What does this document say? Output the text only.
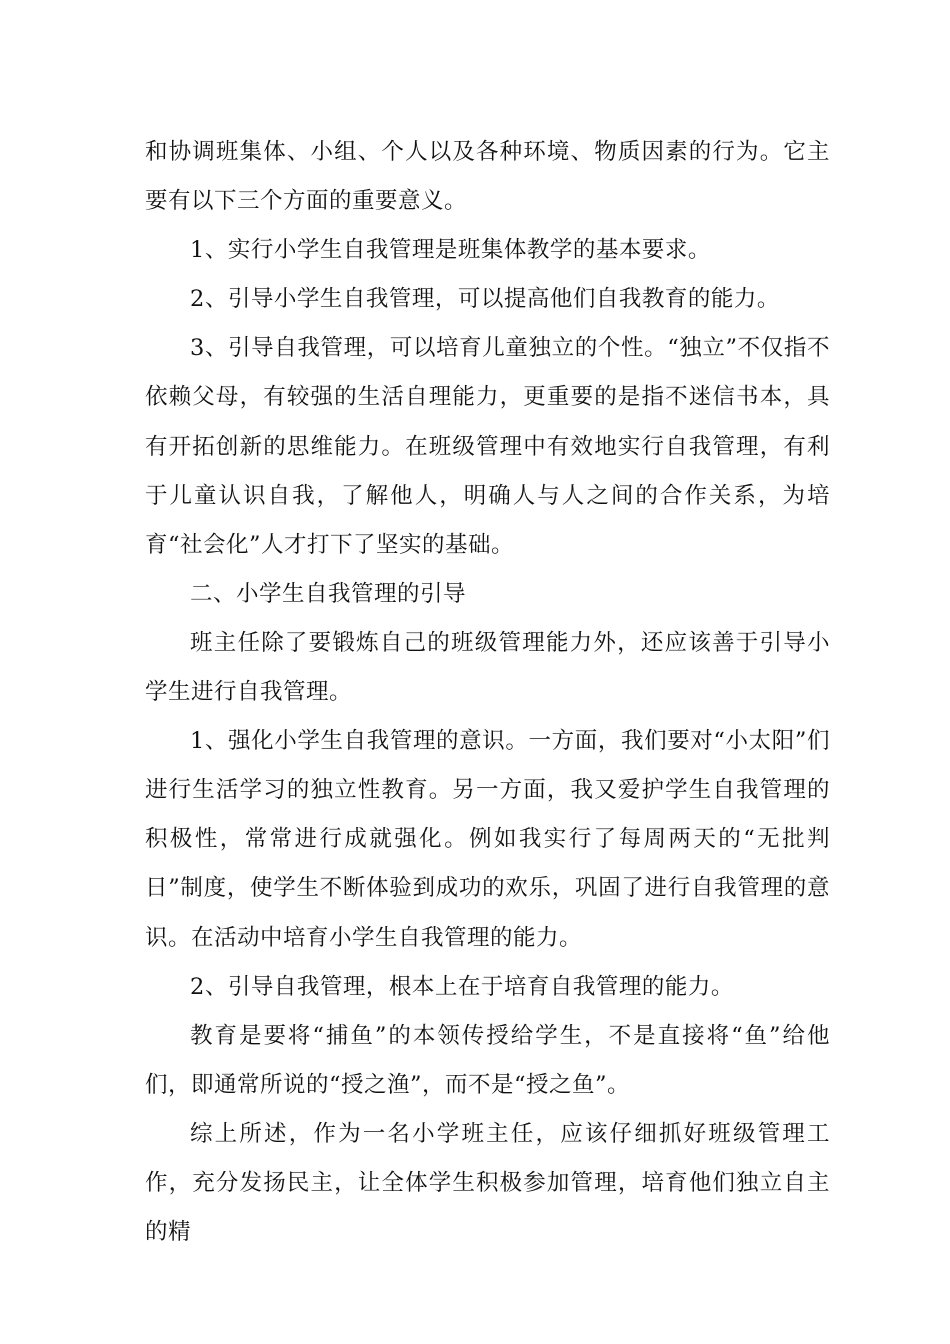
和协调班集体、小组、个人以及各种环境、物质因素的行为。它主要有以下三个方面的重要意义。

1、实行小学生自我管理是班集体教学的基本要求。

2、引导小学生自我管理，可以提高他们自我教育的能力。

3、引导自我管理，可以培育儿童独立的个性。“独立”不仅指不依赖父母，有较强的生活自理能力，更重要的是指不迷信书本，具有开拓创新的思维能力。在班级管理中有效地实行自我管理，有利于儿童认识自我，了解他人，明确人与人之间的合作关系，为培育“社会化”人才打下了坚实的基础。

二、小学生自我管理的引导

班主任除了要锻炼自己的班级管理能力外，还应该善于引导小学生进行自我管理。

1、强化小学生自我管理的意识。一方面，我们要对“小太阳”们进行生活学习的独立性教育。另一方面，我又爱护学生自我管理的积极性，常常进行成就强化。例如我实行了每周两天的“无批判日”制度，使学生不断体验到成功的欢乐，巩固了进行自我管理的意识。在活动中培育小学生自我管理的能力。

2、引导自我管理，根本上在于培育自我管理的能力。

教育是要将“捕鱼”的本领传授给学生，不是直接将“鱼”给他们，即通常所说的“授之渔”，而不是“授之鱼”。

综上所述，作为一名小学班主任，应该仔细抓好班级管理工作，充分发扬民主，让全体学生积极参加管理，培育他们独立自主的精
